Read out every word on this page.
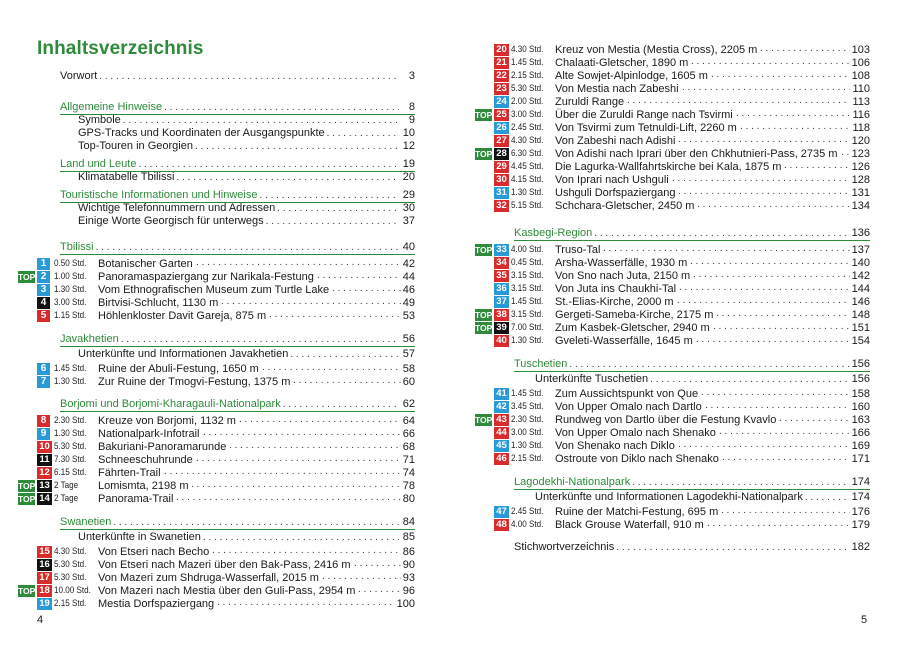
Inhaltsverzeichnis
Vorwort . . .	3
Allgemeine Hinweise . . .	8
Symbole . . .	9
GPS-Tracks und Koordinaten der Ausgangspunkte . . .	10
Top-Touren in Georgien . . .	12
Land und Leute . . .	19
Klimatabelle Tbilissi . . .	20
Touristische Informationen und Hinweise . . .	29
Wichtige Telefonnummern und Adressen . . .	30
Einige Worte Georgisch für unterwegs . . .	37
Tbilissi . . .	40
1 0.50 Std. Botanischer Garten	42
. . .
TOP 2 1.00 Std. Panoramaspaziergang zur Narikala-Festung	44
. . .
3 1.30 Std. Vom Ethnografischen Museum zum Turtle Lake	46
. . .
4 3.00 Std. Birtvisi-Schlucht, 1130 m	49
. . .
5 1.15 Std. Höhlenkloster Davit Gareja, 875 m	53
. . .
Javakhetien . . .	56
Unterkünfte und Informationen Javakhetien . . .	57
6 1.45 Std. Ruine der Abuli-Festung, 1650 m	58
. . .
7 1.30 Std. Zur Ruine der Tmogvi-Festung, 1375 m	60
. . .
Borjomi und Borjomi-Kharagauli-Nationalpark . . .	62
8 2.30 Std. Kreuze von Borjomi, 1132 m	64
. . .
9 1.30 Std. Nationalpark-Infotrail	66
. . .
10 5.30 Std. Bakuriani-Panoramarunde	68
. . .
11 7.30 Std. Schneeschuhrunde	71
. . .
12 6.15 Std. Fährten-Trail	74
. . .
TOP 13 2 Tage Lomismta, 2198 m	78
. . .
TOP 14 2 Tage Panorama-Trail	80
. . .
Swanetien . . .	84
Unterkünfte in Swanetien . . .	85
15 4.30 Std. Von Etseri nach Becho	86
. . .
16 5.30 Std. Von Etseri nach Mazeri über den Bak-Pass, 2416 m	90
. . .
17 5.30 Std. Von Mazeri zum Shdruga-Wasserfall, 2015 m	93
. . .
TOP 18 10.00 Std. Von Mazeri nach Mestia über den Guli-Pass, 2954 m	96
. . .
19 2.15 Std. Mestia Dorfspaziergang	100
. . .
4
20 4.30 Std. Kreuz von Mestia (Mestia Cross), 2205 m	103
. . .
21 1.45 Std. Chalaati-Gletscher, 1890 m	106
. . .
22 2.15 Std. Alte Sowjet-Alpinlodge, 1605 m	108
. . .
23 5.30 Std. Von Mestia nach Zabeshi	110
. . .
24 2.00 Std. Zuruldi Range	113
. . .
TOP 25 3.00 Std. Über die Zuruldi Range nach Tsvirmi	116
. . .
26 2.45 Std. Von Tsvirmi zum Tetnuldi-Lift, 2260 m	118
. . .
27 4.30 Std. Von Zabeshi nach Adishi	120
. . .
TOP 28 6.30 Std. Von Adishi nach Iprari über den Chkhutnieri-Pass, 2735 m	123
. . .
29 4.45 Std. Die Lagurka-Wallfahrtskirche bei Kala, 1875 m	126
. . .
30 4.15 Std. Von Iprari nach Ushguli	128
. . .
31 1.30 Std. Ushguli Dorfspaziergang	131
. . .
32 5.15 Std. Schchara-Gletscher, 2450 m	134
. . .
Kasbegi-Region . . .	136
TOP 33 4.00 Std. Truso-Tal	137
. . .
34 0.45 Std. Arsha-Wasserfälle, 1930 m	140
. . .
35 3.15 Std. Von Sno nach Juta, 2150 m	142
. . .
36 3.15 Std. Von Juta ins Chaukhi-Tal	144
. . .
37 1.45 Std. St.-Elias-Kirche, 2000 m	146
. . .
TOP 38 3.15 Std. Gergeti-Sameba-Kirche, 2175 m	148
. . .
TOP 39 7.00 Std. Zum Kasbek-Gletscher, 2940 m	151
. . .
40 1.30 Std. Gveleti-Wasserfälle, 1645 m	154
. . .
Tuschetien . . .	156
Unterkünfte Tuschetien . . .	156
41 1.45 Std. Zum Aussichtspunkt von Que	158
. . .
42 3.45 Std. Von Upper Omalo nach Dartlo	160
. . .
TOP 43 2.30 Std. Rundweg von Dartlo über die Festung Kvavlo	163
. . .
44 3.00 Std. Von Upper Omalo nach Shenako	166
. . .
45 1.30 Std. Von Shenako nach Diklo	169
. . .
46 2.15 Std. Ostroute von Diklo nach Shenako	171
. . .
Lagodekhi-Nationalpark . . .	174
Unterkünfte und Informationen Lagodekhi-Nationalpark . . .	174
47 2.45 Std. Ruine der Matchi-Festung, 695 m	176
. . .
48 4.00 Std. Black Grouse Waterfall, 910 m	179
. . .
Stichwortverzeichnis . . .	182
5
